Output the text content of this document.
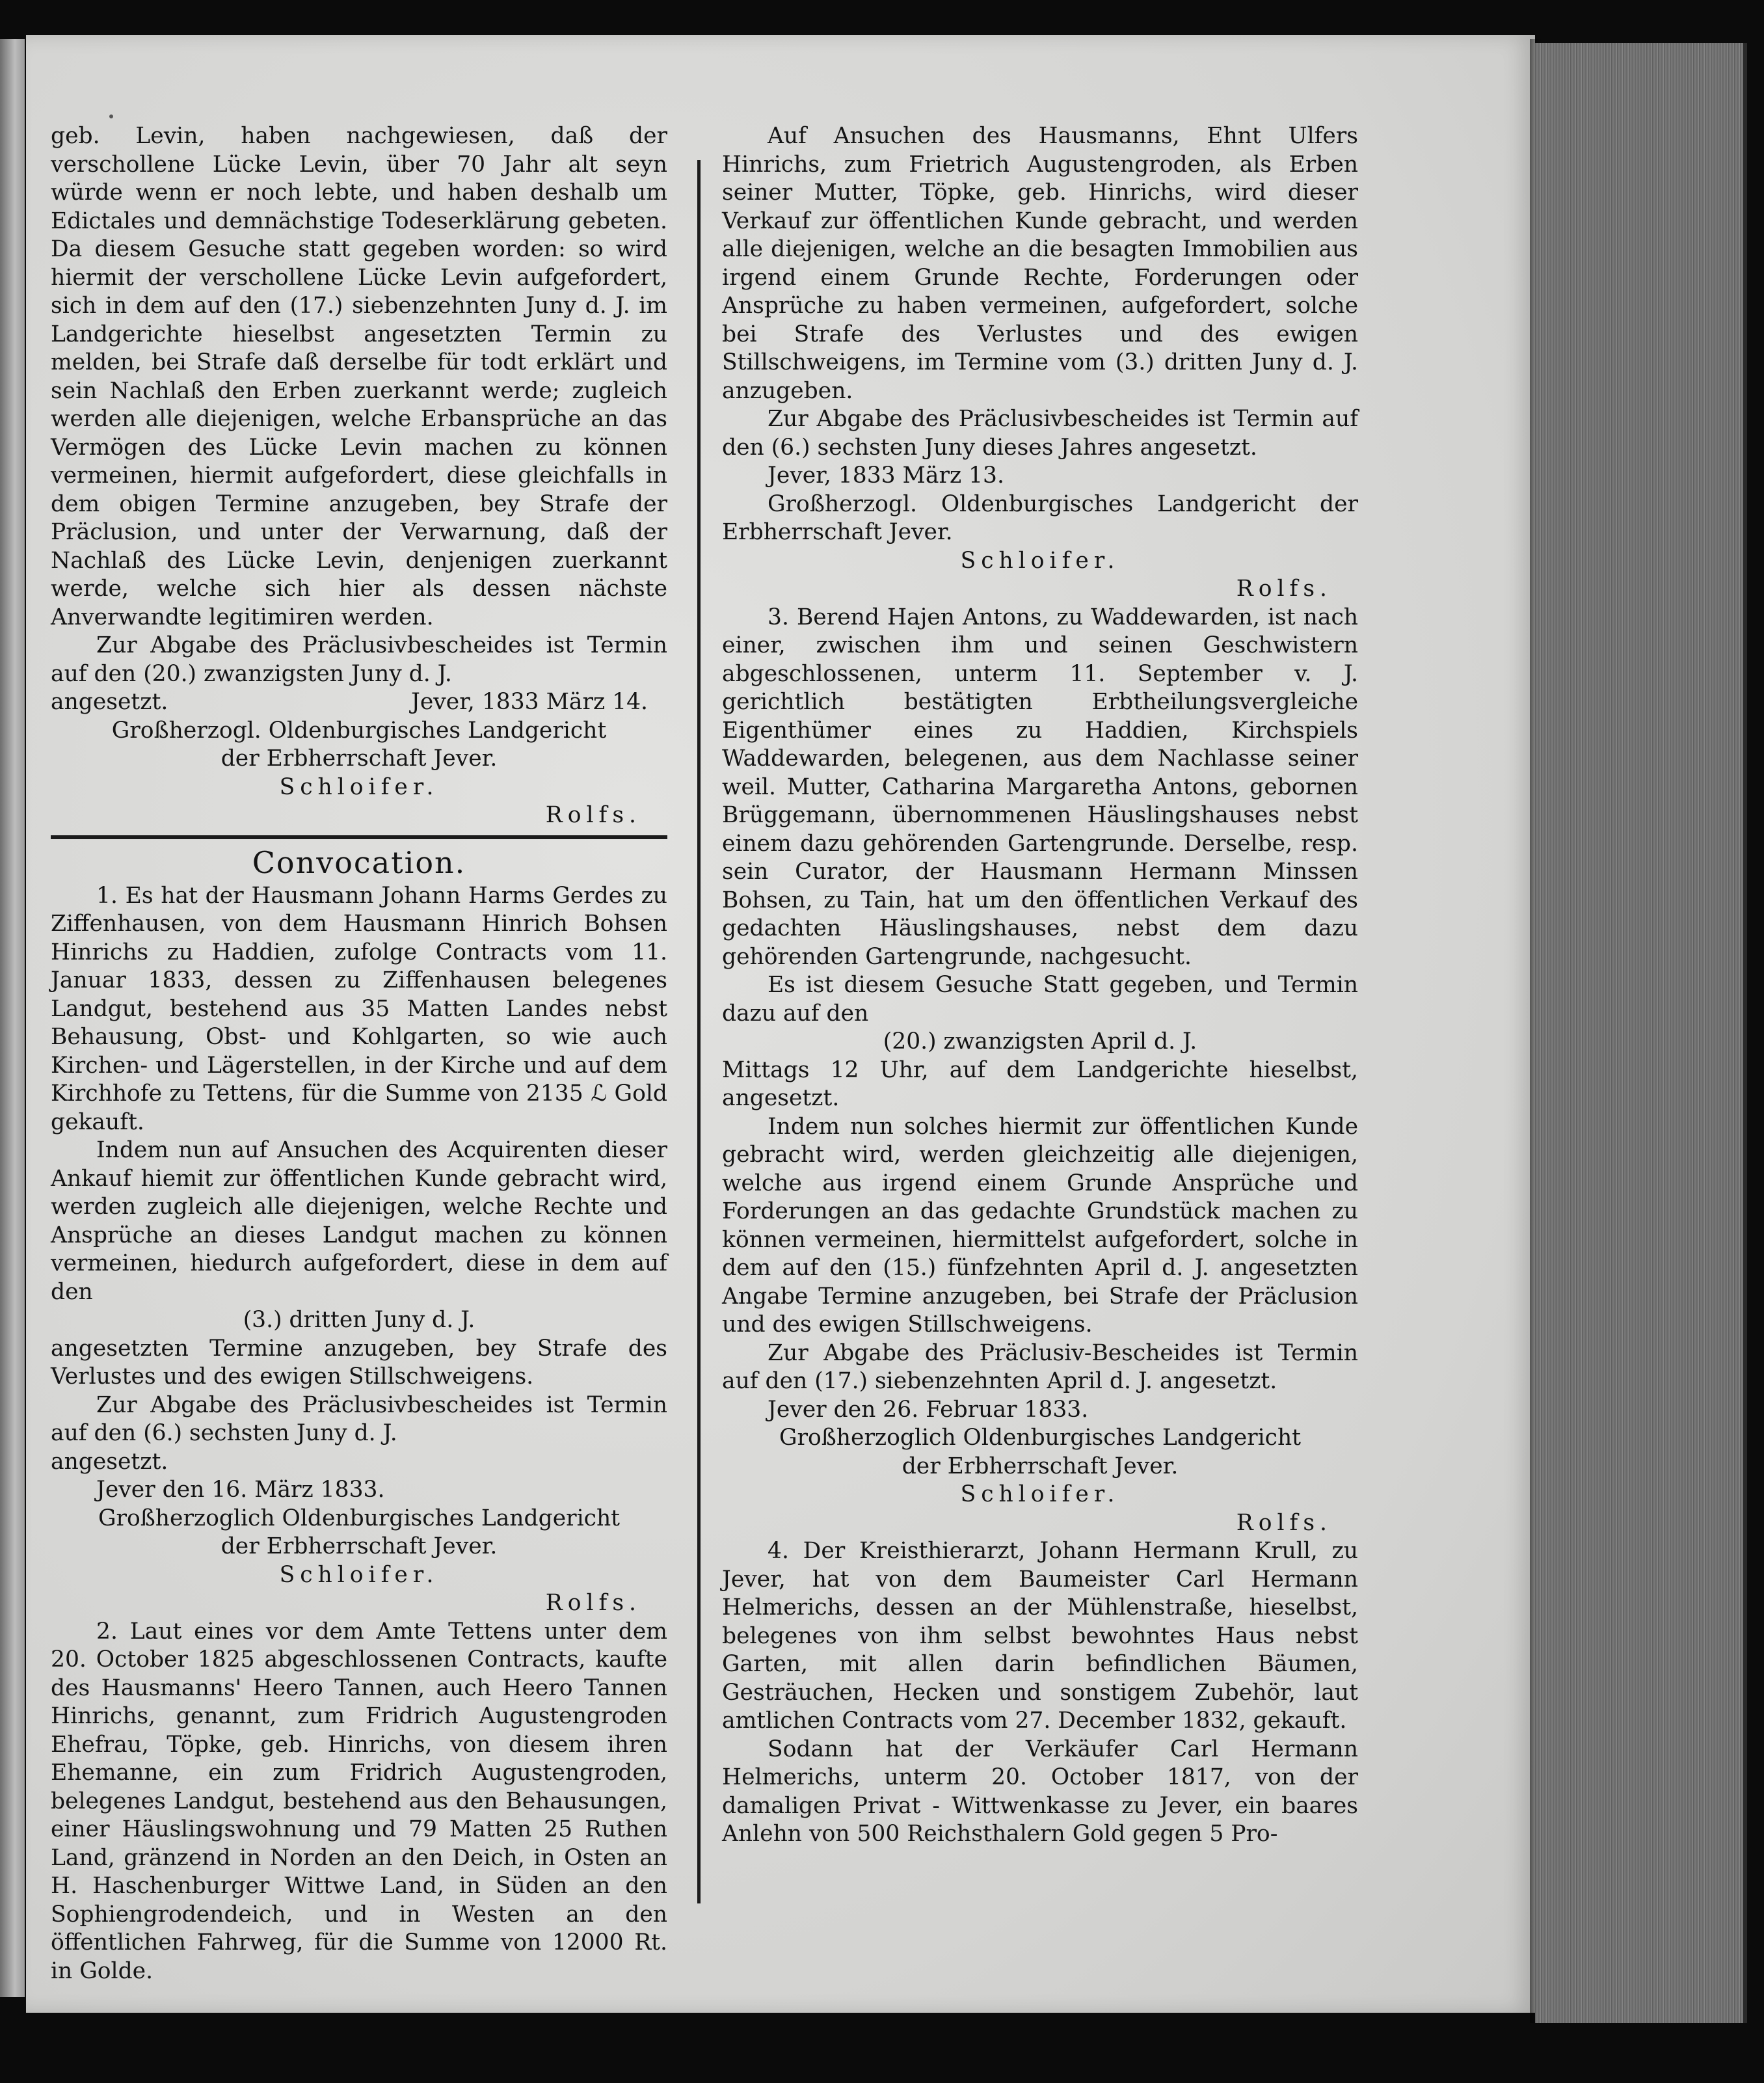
geb. Levin, haben nachgewiesen, daß der verschollene Lücke Levin, über 70 Jahr alt seyn würde wenn er noch lebte, und haben deshalb um Edictales und demnächstige Todeserklärung gebeten. Da diesem Gesuche statt gegeben worden: so wird hiermit der verschollene Lücke Levin aufgefordert, sich in dem auf den (17.) siebenzehnten Juny d. J. im Landgerichte hieselbst angesetzten Termin zu melden, bei Strafe daß derselbe für todt erklärt und sein Nachlaß den Erben zuerkannt werde; zugleich werden alle diejenigen, welche Erbansprüche an das Vermögen des Lücke Levin machen zu können vermeinen, hiermit aufgefordert, diese gleichfalls in dem obigen Termine anzugeben, bey Strafe der Präclusion, und unter der Verwarnung, daß der Nachlaß des Lücke Levin, denjenigen zuerkannt werde, welche sich hier als dessen nächste Anverwandte legitimiren werden.

Zur Abgabe des Präclusivbescheides ist Termin auf den (20.) zwanzigsten Juny d. J.

angesetzt.	Jever, 1833 März 14.

Großherzogl. Oldenburgisches Landgericht

der Erbherrschaft Jever.

Schloifer.

Rolfs.

Convocation.

1. Es hat der Hausmann Johann Harms Gerdes zu Ziffenhausen, von dem Hausmann Hinrich Bohsen Hinrichs zu Haddien, zufolge Contracts vom 11. Januar 1833, dessen zu Ziffenhausen belegenes Landgut, bestehend aus 35 Matten Landes nebst Behausung, Obst- und Kohlgarten, so wie auch Kirchen- und Lägerstellen, in der Kirche und auf dem Kirchhofe zu Tettens, für die Summe von 2135 ℒ Gold gekauft.

Indem nun auf Ansuchen des Acquirenten dieser Ankauf hiemit zur öffentlichen Kunde gebracht wird, werden zugleich alle diejenigen, welche Rechte und Ansprüche an dieses Landgut machen zu können vermeinen, hiedurch aufgefordert, diese in dem auf den

(3.) dritten Juny d. J.

angesetzten Termine anzugeben, bey Strafe des Verlustes und des ewigen Stillschweigens.

Zur Abgabe des Präclusivbescheides ist Termin auf den (6.) sechsten Juny d. J.

angesetzt.

Jever den 16. März 1833.

Großherzoglich Oldenburgisches Landgericht

der Erbherrschaft Jever.

Schloifer.

Rolfs.

2. Laut eines vor dem Amte Tettens unter dem 20. October 1825 abgeschlossenen Contracts, kaufte des Hausmanns' Heero Tannen, auch Heero Tannen Hinrichs, genannt, zum Fridrich Augustengroden Ehefrau, Töpke, geb. Hinrichs, von diesem ihren Ehemanne, ein zum Fridrich Augustengroden, belegenes Landgut, bestehend aus den Behausungen, einer Häuslingswohnung und 79 Matten 25 Ruthen Land, gränzend in Norden an den Deich, in Osten an H. Haschenburger Wittwe Land, in Süden an den Sophiengrodendeich, und in Westen an den öffentlichen Fahrweg, für die Summe von 12000 Rt. in Golde.

Auf Ansuchen des Hausmanns, Ehnt Ulfers Hinrichs, zum Frietrich Augustengroden, als Erben seiner Mutter, Töpke, geb. Hinrichs, wird dieser Verkauf zur öffentlichen Kunde gebracht, und werden alle diejenigen, welche an die besagten Immobilien aus irgend einem Grunde Rechte, Forderungen oder Ansprüche zu haben vermeinen, aufgefordert, solche bei Strafe des Verlustes und des ewigen Stillschweigens, im Termine vom (3.) dritten Juny d. J. anzugeben.

Zur Abgabe des Präclusivbescheides ist Termin auf den (6.) sechsten Juny dieses Jahres angesetzt.

Jever, 1833 März 13.

Großherzogl. Oldenburgisches Landgericht der Erbherrschaft Jever.

Schloifer.

Rolfs.

3. Berend Hajen Antons, zu Waddewarden, ist nach einer, zwischen ihm und seinen Geschwistern abgeschlossenen, unterm 11. September v. J. gerichtlich bestätigten Erbtheilungsvergleiche Eigenthümer eines zu Haddien, Kirchspiels Waddewarden, belegenen, aus dem Nachlasse seiner weil. Mutter, Catharina Margaretha Antons, gebornen Brüggemann, übernommenen Häuslingshauses nebst einem dazu gehörenden Gartengrunde. Derselbe, resp. sein Curator, der Hausmann Hermann Minssen Bohsen, zu Tain, hat um den öffentlichen Verkauf des gedachten Häuslingshauses, nebst dem dazu gehörenden Gartengrunde, nachgesucht.

Es ist diesem Gesuche Statt gegeben, und Termin dazu auf den

(20.) zwanzigsten April d. J.

Mittags 12 Uhr, auf dem Landgerichte hieselbst, angesetzt.

Indem nun solches hiermit zur öffentlichen Kunde gebracht wird, werden gleichzeitig alle diejenigen, welche aus irgend einem Grunde Ansprüche und Forderungen an das gedachte Grundstück machen zu können vermeinen, hiermittelst aufgefordert, solche in dem auf den (15.) fünfzehnten April d. J. angesetzten Angabe Termine anzugeben, bei Strafe der Präclusion und des ewigen Stillschweigens.

Zur Abgabe des Präclusiv-Bescheides ist Termin auf den (17.) siebenzehnten April d. J. angesetzt.

Jever den 26. Februar 1833.

Großherzoglich Oldenburgisches Landgericht

der Erbherrschaft Jever.

Schloifer.

Rolfs.

4. Der Kreisthierarzt, Johann Hermann Krull, zu Jever, hat von dem Baumeister Carl Hermann Helmerichs, dessen an der Mühlenstraße, hieselbst, belegenes von ihm selbst bewohntes Haus nebst Garten, mit allen darin befindlichen Bäumen, Gesträuchen, Hecken und sonstigem Zubehör, laut amtlichen Contracts vom 27. December 1832, gekauft.

Sodann hat der Verkäufer Carl Hermann Helmerichs, unterm 20. October 1817, von der damaligen Privat - Wittwenkasse zu Jever, ein baares Anlehn von 500 Reichsthalern Gold gegen 5 Pro-
